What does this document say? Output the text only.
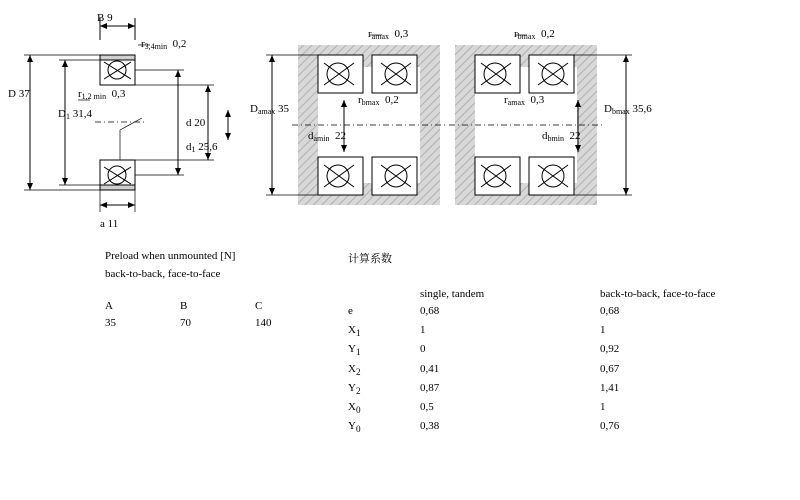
B 9
$r_{3,4min}$ 0,2
D 37	$r_{1,2 min}$ 0,3
$D_1$ 31,4
d 20
$d_1$ 25,6
a 11
$r_{amax}$ 0,3
$D_{amax}$ 35
$r_{bmax}$ 0,2
$d_{amin}$ 22
$r_{bmax}$ 0,2
$r_{amax}$ 0,3
$D_{bmax}$ 35,6
$d_{bmin}$ 22
Preload when unmounted [N]
back-to-back, face-to-face
A	B	C
35	70	140
计算系数
	single, tandem	back-to-back, face-to-face
e	0,68	0,68
$X_1$	1	1
$Y_1$	0	0,92
$X_2$	0,41	0,67
$Y_2$	0,87	1,41
$X_0$	0,5	1
$Y_0$	0,38	0,76
